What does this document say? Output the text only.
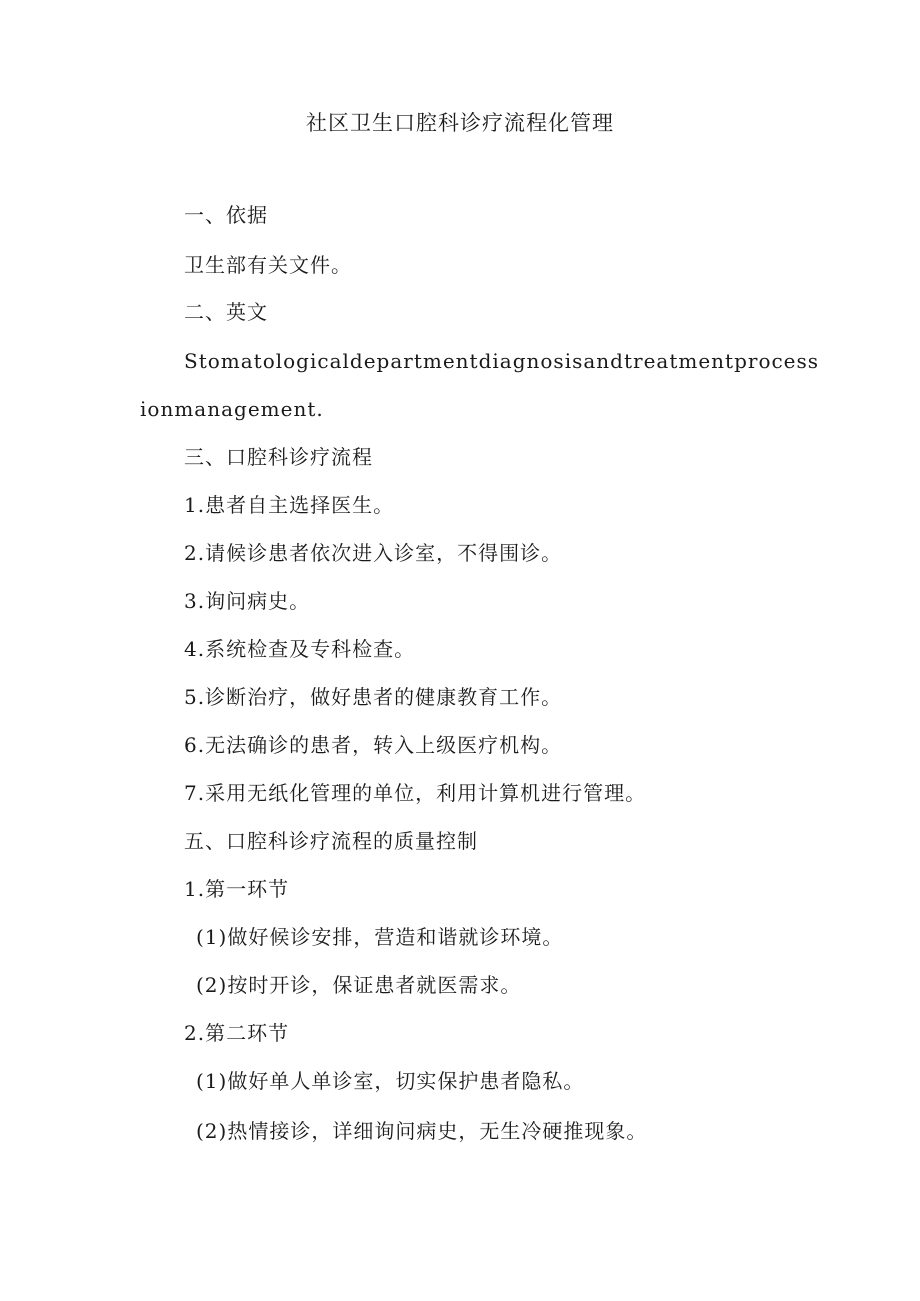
社区卫生口腔科诊疗流程化管理
一、依据
卫生部有关文件。
二、英文
Stomatologicaldepartmentdiagnosisandtreatmentprocess
ionmanagement.
三、口腔科诊疗流程
1.患者自主选择医生。
2.请候诊患者依次进入诊室，不得围诊。
3.询问病史。
4.系统检查及专科检查。
5.诊断治疗，做好患者的健康教育工作。
6.无法确诊的患者，转入上级医疗机构。
7.采用无纸化管理的单位，利用计算机进行管理。
五、口腔科诊疗流程的质量控制
1.第一环节
(1)做好候诊安排，营造和谐就诊环境。
(2)按时开诊，保证患者就医需求。
2.第二环节
(1)做好单人单诊室，切实保护患者隐私。
(2)热情接诊，详细询问病史，无生冷硬推现象。
